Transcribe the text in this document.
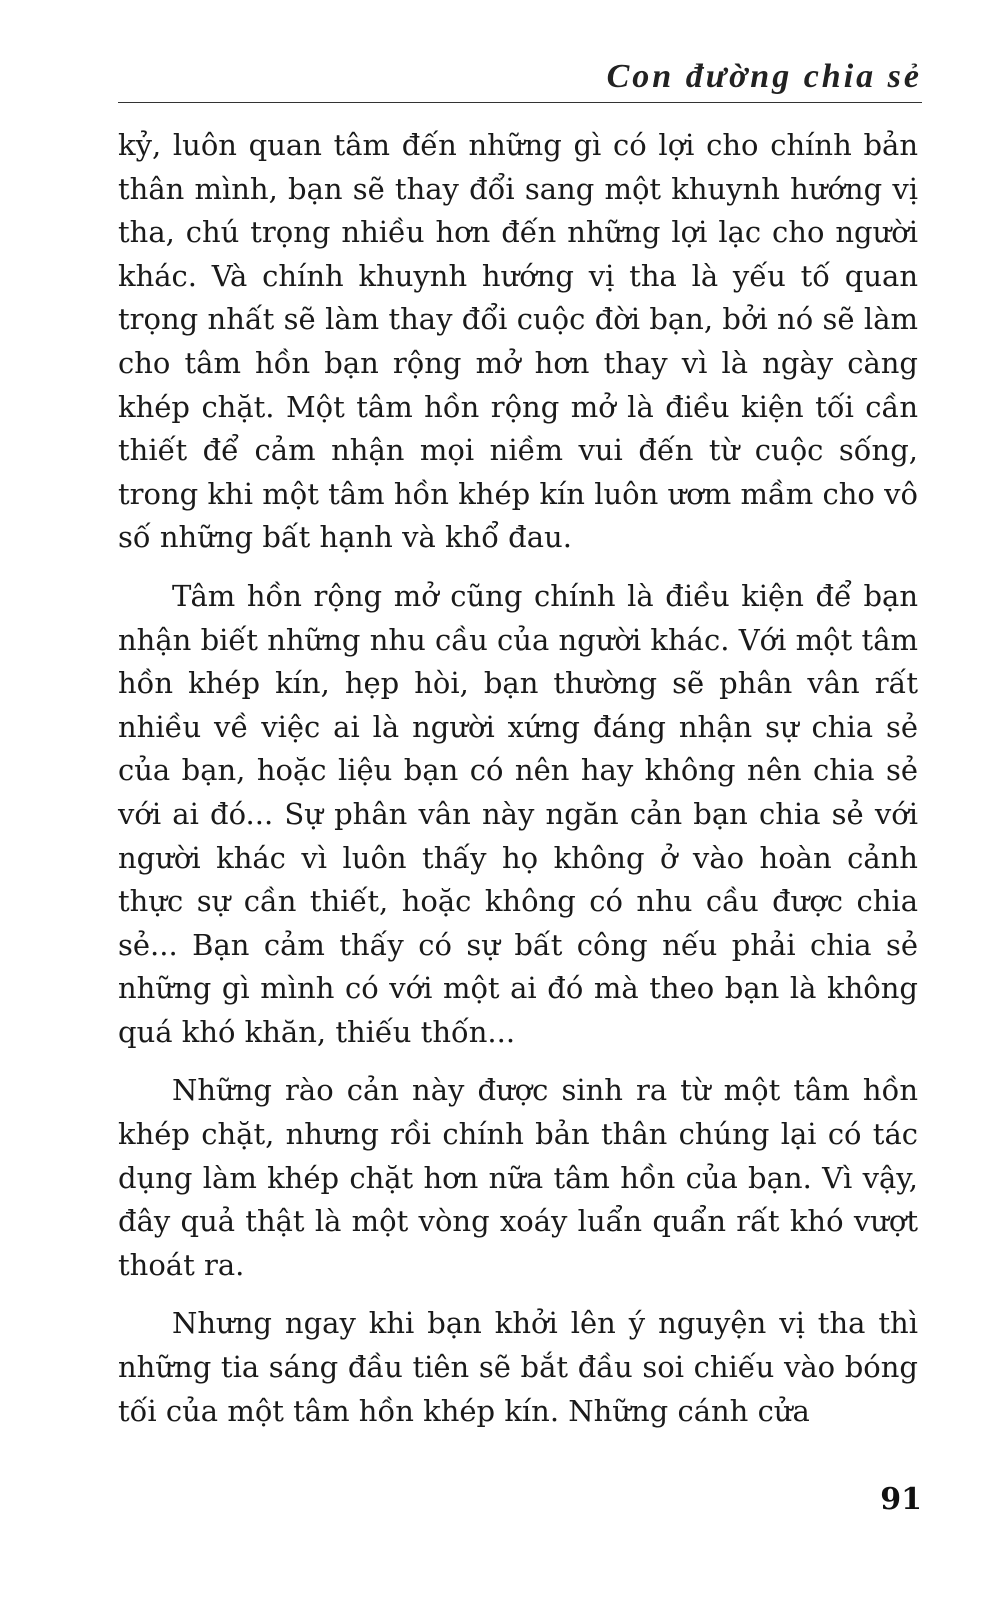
Con đường chia sẻ

kỷ, luôn quan tâm đến những gì có lợi cho chính bản thân mình, bạn sẽ thay đổi sang một khuynh hướng vị tha, chú trọng nhiều hơn đến những lợi lạc cho người khác. Và chính khuynh hướng vị tha là yếu tố quan trọng nhất sẽ làm thay đổi cuộc đời bạn, bởi nó sẽ làm cho tâm hồn bạn rộng mở hơn thay vì là ngày càng khép chặt. Một tâm hồn rộng mở là điều kiện tối cần thiết để cảm nhận mọi niềm vui đến từ cuộc sống, trong khi một tâm hồn khép kín luôn ươm mầm cho vô số những bất hạnh và khổ đau.

Tâm hồn rộng mở cũng chính là điều kiện để bạn nhận biết những nhu cầu của người khác. Với một tâm hồn khép kín, hẹp hòi, bạn thường sẽ phân vân rất nhiều về việc ai là người xứng đáng nhận sự chia sẻ của bạn, hoặc liệu bạn có nên hay không nên chia sẻ với ai đó... Sự phân vân này ngăn cản bạn chia sẻ với người khác vì luôn thấy họ không ở vào hoàn cảnh thực sự cần thiết, hoặc không có nhu cầu được chia sẻ... Bạn cảm thấy có sự bất công nếu phải chia sẻ những gì mình có với một ai đó mà theo bạn là không quá khó khăn, thiếu thốn...

Những rào cản này được sinh ra từ một tâm hồn khép chặt, nhưng rồi chính bản thân chúng lại có tác dụng làm khép chặt hơn nữa tâm hồn của bạn. Vì vậy, đây quả thật là một vòng xoáy luẩn quẩn rất khó vượt thoát ra.

Nhưng ngay khi bạn khởi lên ý nguyện vị tha thì những tia sáng đầu tiên sẽ bắt đầu soi chiếu vào bóng tối của một tâm hồn khép kín. Những cánh cửa

91
